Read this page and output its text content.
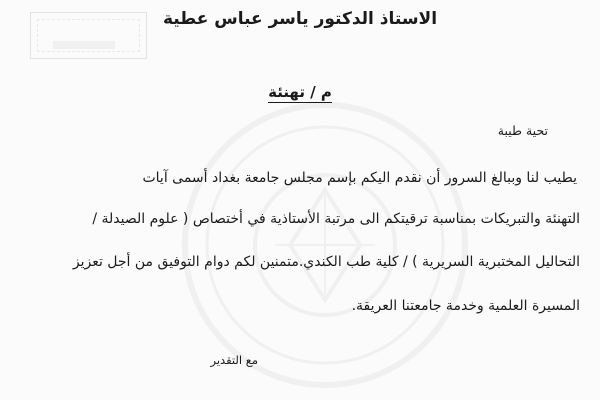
الاستاذ الدكتور ياسر عباس عطية
م / تهنئة
تحية طيبة
يطيب لنا وببالغ السرور أن نقدم اليكم بإسم مجلس جامعة بغداد أسمى آيات
التهنئة والتبريكات بمناسبة ترقيتكم الى مرتبة الأستاذية في أختصاص ( علوم الصيدلة /
التحاليل المختبرية السريرية ) / كلية طب الكندي.متمنين لكم دوام التوفيق من أجل تعزيز
المسيرة العلمية وخدمة جامعتنا العريقة.
مع التقدير
